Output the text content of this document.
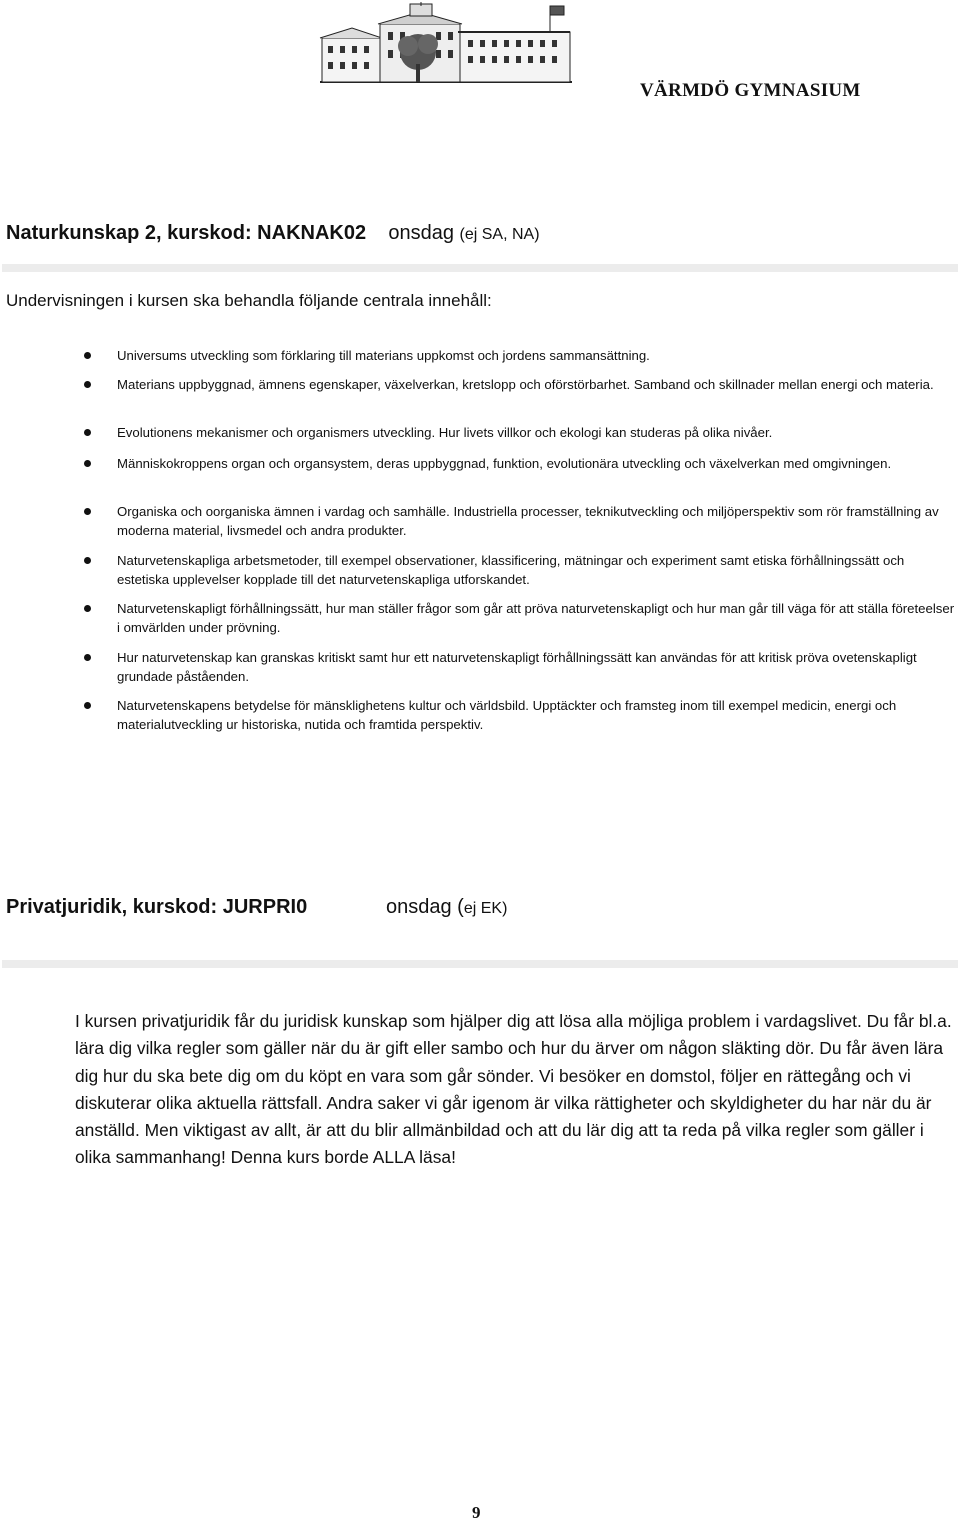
VÄRMDÖ GYMNASIUM
Naturkunskap 2, kurskod: NAKNAK02 onsdag (ej SA, NA)
Undervisningen i kursen ska behandla följande centrala innehåll:
Universums utveckling som förklaring till materians uppkomst och jordens sammansättning.
Materians uppbyggnad, ämnens egenskaper, växelverkan, kretslopp och oförstörbarhet. Samband och skillnader mellan energi och materia.
Evolutionens mekanismer och organismers utveckling. Hur livets villkor och ekologi kan studeras på olika nivåer.
Människokroppens organ och organsystem, deras uppbyggnad, funktion, evolutionära utveckling och växelverkan med omgivningen.
Organiska och oorganiska ämnen i vardag och samhälle. Industriella processer, teknikutveckling och miljöperspektiv som rör framställning av moderna material, livsmedel och andra produkter.
Naturvetenskapliga arbetsmetoder, till exempel observationer, klassificering, mätningar och experiment samt etiska förhållningssätt och estetiska upplevelser kopplade till det naturvetenskapliga utforskandet.
Naturvetenskapligt förhållningssätt, hur man ställer frågor som går att pröva naturvetenskapligt och hur man går till väga för att ställa företeelser i omvärlden under prövning.
Hur naturvetenskap kan granskas kritiskt samt hur ett naturvetenskapligt förhållningssätt kan användas för att kritisk pröva ovetenskapligt grundade påståenden.
Naturvetenskapens betydelse för mänsklighetens kultur och världsbild. Upptäckter och framsteg inom till exempel medicin, energi och materialutveckling ur historiska, nutida och framtida perspektiv.
Privatjuridik, kurskod: JURPRI0	onsdag (ej EK)
I kursen privatjuridik får du juridisk kunskap som hjälper dig att lösa alla möjliga problem i vardagslivet. Du får bl.a. lära dig vilka regler som gäller när du är gift eller sambo och hur du ärver om någon släkting dör. Du får även lära dig hur du ska bete dig om du köpt en vara som går sönder. Vi besöker en domstol, följer en rättegång och vi diskuterar olika aktuella rättsfall. Andra saker vi går igenom är vilka rättigheter och skyldigheter du har när du är anställd. Men viktigast av allt, är att du blir allmänbildad och att du lär dig att ta reda på vilka regler som gäller i olika sammanhang! Denna kurs borde ALLA läsa!
9
